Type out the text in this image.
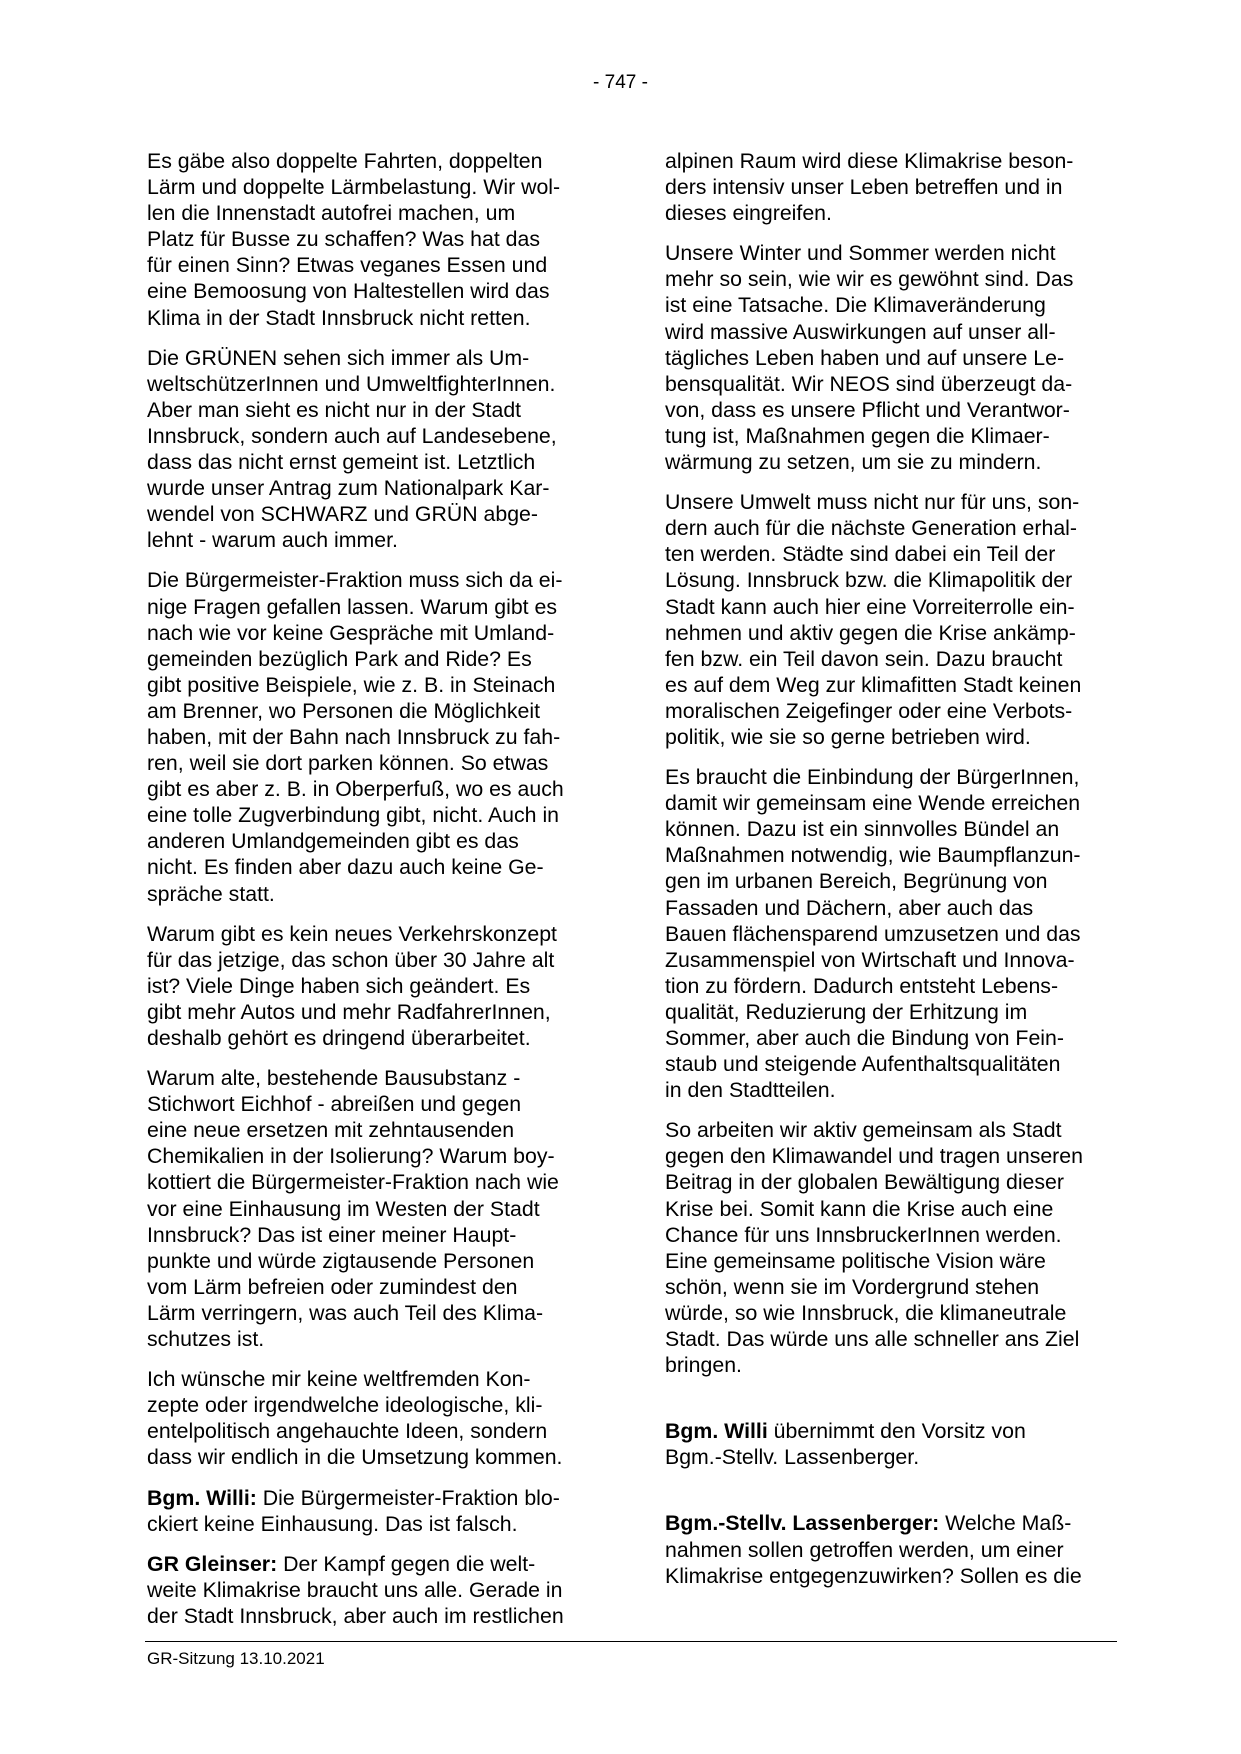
- 747 -

Es gäbe also doppelte Fahrten, doppelten
Lärm und doppelte Lärmbelastung. Wir wol-
len die Innenstadt autofrei machen, um
Platz für Busse zu schaffen? Was hat das
für einen Sinn? Etwas veganes Essen und
eine Bemoosung von Haltestellen wird das
Klima in der Stadt Innsbruck nicht retten.

Die GRÜNEN sehen sich immer als Um-
weltschützerInnen und UmweltfighterInnen.
Aber man sieht es nicht nur in der Stadt
Innsbruck, sondern auch auf Landesebene,
dass das nicht ernst gemeint ist. Letztlich
wurde unser Antrag zum Nationalpark Kar-
wendel von SCHWARZ und GRÜN abge-
lehnt - warum auch immer.

Die Bürgermeister-Fraktion muss sich da ei-
nige Fragen gefallen lassen. Warum gibt es
nach wie vor keine Gespräche mit Umland-
gemeinden bezüglich Park and Ride? Es
gibt positive Beispiele, wie z. B. in Steinach
am Brenner, wo Personen die Möglichkeit
haben, mit der Bahn nach Innsbruck zu fah-
ren, weil sie dort parken können. So etwas
gibt es aber z. B. in Oberperfuß, wo es auch
eine tolle Zugverbindung gibt, nicht. Auch in
anderen Umlandgemeinden gibt es das
nicht. Es finden aber dazu auch keine Ge-
spräche statt.

Warum gibt es kein neues Verkehrskonzept
für das jetzige, das schon über 30 Jahre alt
ist? Viele Dinge haben sich geändert. Es
gibt mehr Autos und mehr RadfahrerInnen,
deshalb gehört es dringend überarbeitet.

Warum alte, bestehende Bausubstanz -
Stichwort Eichhof - abreißen und gegen
eine neue ersetzen mit zehntausenden
Chemikalien in der Isolierung? Warum boy-
kottiert die Bürgermeister-Fraktion nach wie
vor eine Einhausung im Westen der Stadt
Innsbruck? Das ist einer meiner Haupt-
punkte und würde zigtausende Personen
vom Lärm befreien oder zumindest den
Lärm verringern, was auch Teil des Klima-
schutzes ist.

Ich wünsche mir keine weltfremden Kon-
zepte oder irgendwelche ideologische, kli-
entelpolitisch angehauchte Ideen, sondern
dass wir endlich in die Umsetzung kommen.

Bgm. Willi: Die Bürgermeister-Fraktion blo-
ckiert keine Einhausung. Das ist falsch.

GR Gleinser: Der Kampf gegen die welt-
weite Klimakrise braucht uns alle. Gerade in
der Stadt Innsbruck, aber auch im restlichen

alpinen Raum wird diese Klimakrise beson-
ders intensiv unser Leben betreffen und in
dieses eingreifen.

Unsere Winter und Sommer werden nicht
mehr so sein, wie wir es gewöhnt sind. Das
ist eine Tatsache. Die Klimaveränderung
wird massive Auswirkungen auf unser all-
tägliches Leben haben und auf unsere Le-
bensqualität. Wir NEOS sind überzeugt da-
von, dass es unsere Pflicht und Verantwor-
tung ist, Maßnahmen gegen die Klimaer-
wärmung zu setzen, um sie zu mindern.

Unsere Umwelt muss nicht nur für uns, son-
dern auch für die nächste Generation erhal-
ten werden. Städte sind dabei ein Teil der
Lösung. Innsbruck bzw. die Klimapolitik der
Stadt kann auch hier eine Vorreiterrolle ein-
nehmen und aktiv gegen die Krise ankämp-
fen bzw. ein Teil davon sein. Dazu braucht
es auf dem Weg zur klimafitten Stadt keinen
moralischen Zeigefinger oder eine Verbots-
politik, wie sie so gerne betrieben wird.

Es braucht die Einbindung der BürgerInnen,
damit wir gemeinsam eine Wende erreichen
können. Dazu ist ein sinnvolles Bündel an
Maßnahmen notwendig, wie Baumpflanzun-
gen im urbanen Bereich, Begrünung von
Fassaden und Dächern, aber auch das
Bauen flächensparend umzusetzen und das
Zusammenspiel von Wirtschaft und Innova-
tion zu fördern. Dadurch entsteht Lebens-
qualität, Reduzierung der Erhitzung im
Sommer, aber auch die Bindung von Fein-
staub und steigende Aufenthaltsqualitäten
in den Stadtteilen.

So arbeiten wir aktiv gemeinsam als Stadt
gegen den Klimawandel und tragen unseren
Beitrag in der globalen Bewältigung dieser
Krise bei. Somit kann die Krise auch eine
Chance für uns InnsbruckerInnen werden.
Eine gemeinsame politische Vision wäre
schön, wenn sie im Vordergrund stehen
würde, so wie Innsbruck, die klimaneutrale
Stadt. Das würde uns alle schneller ans Ziel
bringen.

Bgm. Willi übernimmt den Vorsitz von
Bgm.-Stellv. Lassenberger.

Bgm.-Stellv. Lassenberger: Welche Maß-
nahmen sollen getroffen werden, um einer
Klimakrise entgegenzuwirken? Sollen es die

GR-Sitzung 13.10.2021
